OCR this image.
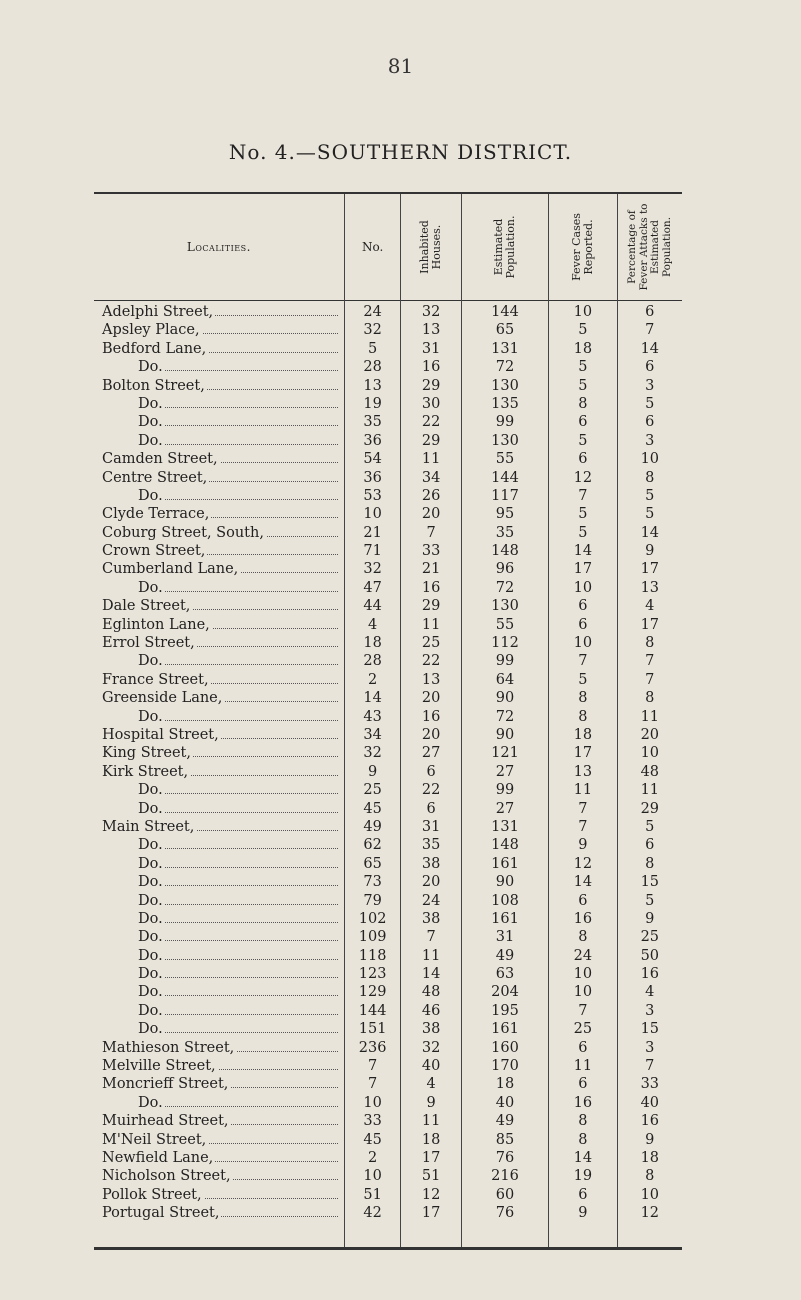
81
No. 4.—SOUTHERN DISTRICT.
Localities.
Adelphi Street,
Apsley Place,
Bedford Lane,
Do.
Bolton Street,
Do.
Do.
Do.
Camden Street,
Centre Street,
Do.
Clyde Terrace,
Coburg Street, South,
Crown Street,
Cumberland Lane,
Do.
Dale Street,
Eglinton Lane,
Errol Street,
Do.
France Street,
Greenside Lane,
Do.
Hospital Street,
King Street,
Kirk Street,
Do.
Do.
Main Street,
Do.
Do.
Do.
Do.
Do.
Do.
Do.
Do.
Do.
Do.
Do.
Mathieson Street,
Melville Street,
Moncrieff Street,
Do.
Muirhead Street,
M'Neil Street,
Newfield Lane,
Nicholson Street,
Pollok Street,
Portugal Street,
No.
24
32
5
28
13
19
35
36
54
36
53
10
21
71
32
47
44
4
18
28
2
14
43
34
32
9
25
45
49
62
65
73
79
102
109
118
123
129
144
151
236
7
7
10
33
45
2
10
51
42
Inhabited Houses.
32
13
31
16
29
30
22
29
11
34
26
20
7
33
21
16
29
11
25
22
13
20
16
20
27
6
22
6
31
35
38
20
24
38
7
11
14
48
46
38
32
40
4
9
11
18
17
51
12
17
Estimated Population.
144
65
131
72
130
135
99
130
55
144
117
95
35
148
96
72
130
55
112
99
64
90
72
90
121
27
99
27
131
148
161
90
108
161
31
49
63
204
195
161
160
170
18
40
49
85
76
216
60
76
Fever Cases Reported.
10
5
18
5
5
8
6
5
6
12
7
5
5
14
17
10
6
6
10
7
5
8
8
18
17
13
11
7
7
9
12
14
6
16
8
24
10
10
7
25
6
11
6
16
8
8
14
19
6
9
Percentage of Fever Attacks to Estimated Population.
6
7
14
6
3
5
6
3
10
8
5
5
14
9
17
13
4
17
8
7
7
8
11
20
10
48
11
29
5
6
8
15
5
9
25
50
16
4
3
15
3
7
33
40
16
9
18
8
10
12
